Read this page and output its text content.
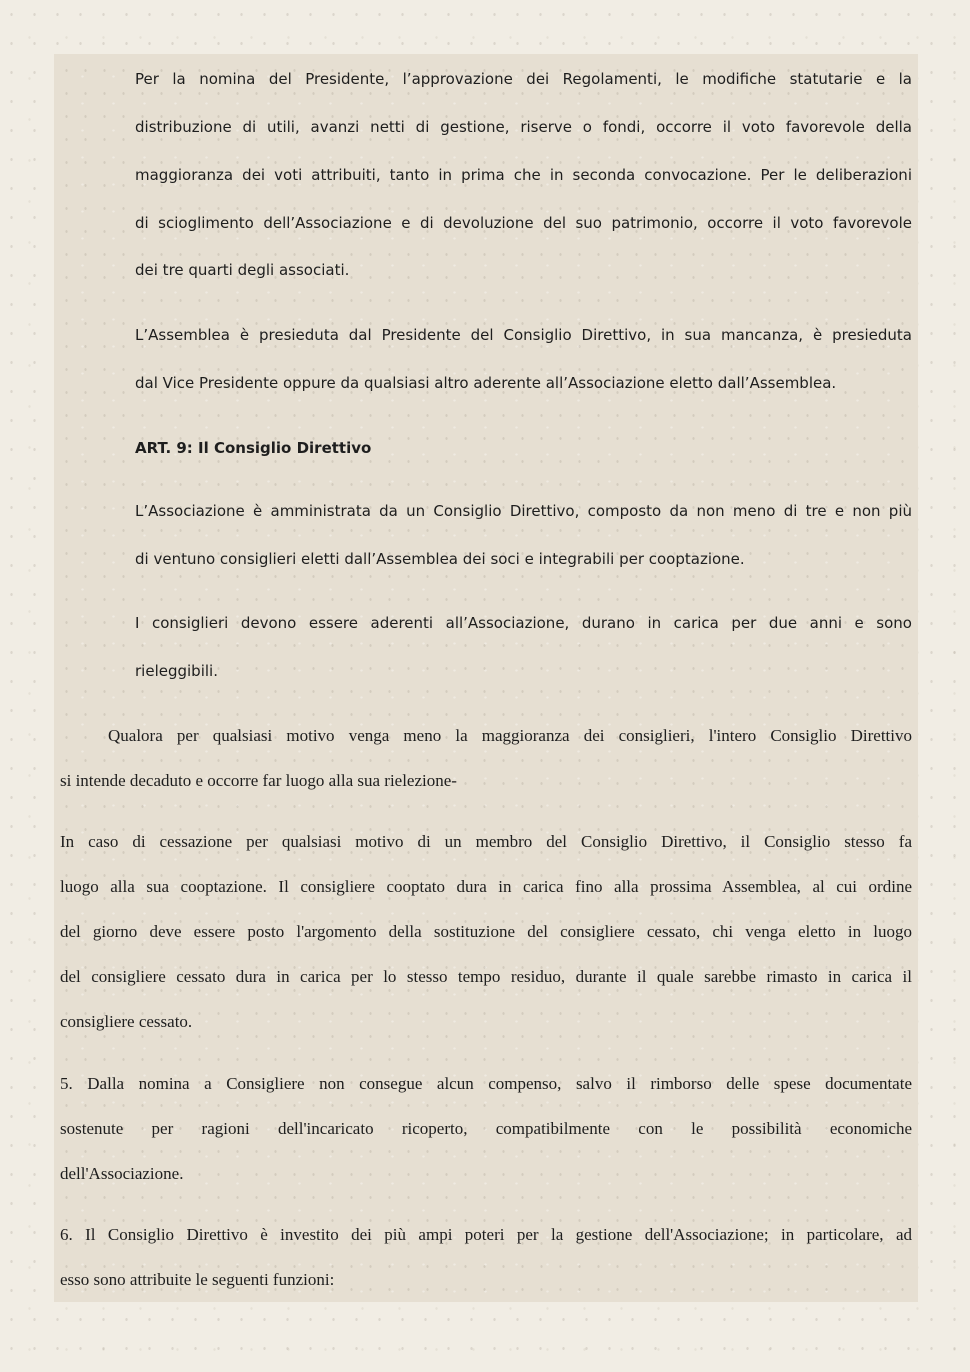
Per la nomina del Presidente, l’approvazione dei Regolamenti, le modifiche statutarie e la
distribuzione di utili, avanzi netti di gestione, riserve o fondi, occorre il voto favorevole della
maggioranza dei voti attribuiti, tanto in prima che in seconda convocazione. Per le deliberazioni
di scioglimento dell’Associazione e di devoluzione del suo patrimonio, occorre il voto favorevole
dei tre quarti degli associati.
L’Assemblea è presieduta dal Presidente del Consiglio Direttivo, in sua mancanza, è presieduta
dal Vice Presidente oppure da qualsiasi altro aderente all’Associazione eletto dall’Assemblea.
ART. 9: Il Consiglio Direttivo
L’Associazione è amministrata da un Consiglio Direttivo, composto da non meno di tre e non più
di ventuno consiglieri eletti dall’Assemblea dei soci e integrabili per cooptazione.
I consiglieri devono essere aderenti all’Associazione, durano in carica per due anni e sono
rieleggibili.
Qualora per qualsiasi motivo venga meno la maggioranza dei consiglieri, l'intero Consiglio Direttivo
si intende decaduto e occorre far luogo alla sua rielezione-
In caso di cessazione per qualsiasi motivo di un membro del Consiglio Direttivo, il Consiglio stesso fa
luogo alla sua cooptazione. Il consigliere cooptato dura in carica fino alla prossima Assemblea, al cui ordine
del giorno deve essere posto l'argomento della sostituzione del consigliere cessato, chi venga eletto in luogo
del consigliere cessato dura in carica per lo stesso tempo residuo, durante il quale sarebbe rimasto in carica il
consigliere cessato.
5. Dalla nomina a Consigliere non consegue alcun compenso, salvo il rimborso delle spese documentate
sostenute per ragioni dell'incaricato ricoperto, compatibilmente con le possibilità economiche
dell'Associazione.
6. Il Consiglio Direttivo è investito dei più ampi poteri per la gestione dell'Associazione; in particolare, ad
esso sono attribuite le seguenti funzioni:
